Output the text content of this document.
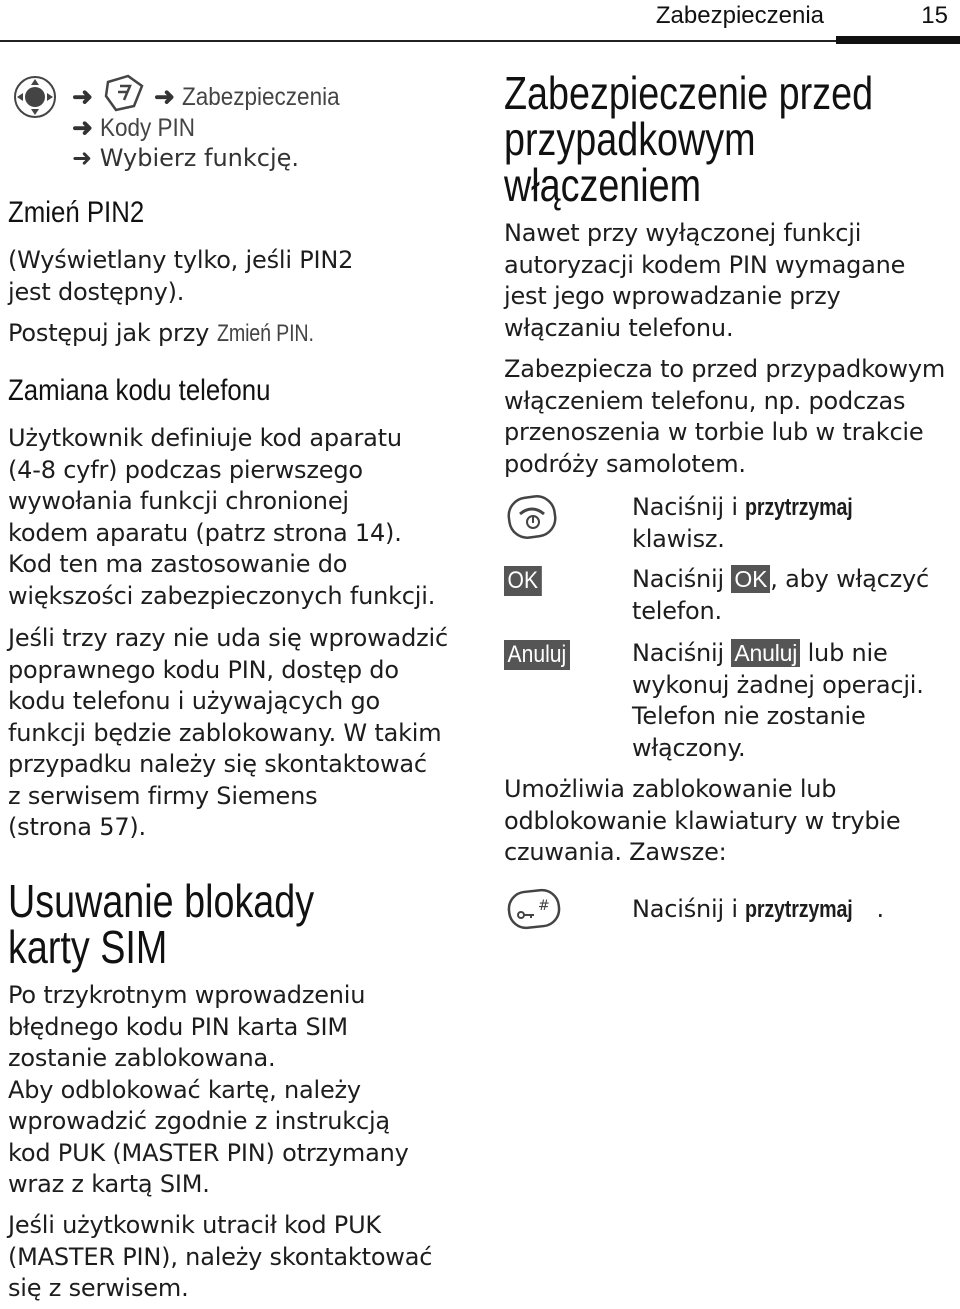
Zabezpieczenia	15
➜ ➜ Zabezpieczenia
➜ Kody PIN
➜ Wybierz funkcję.
Zmień PIN2
(Wyświetlany tylko, jeśli PIN2
jest dostępny).
Postępuj jak przy Zmień PIN.
Zamiana kodu telefonu
Użytkownik definiuje kod aparatu
(4-8 cyfr) podczas pierwszego
wywołania funkcji chronionej
kodem aparatu (patrz strona 14).
Kod ten ma zastosowanie do
większości zabezpieczonych funkcji.
Jeśli trzy razy nie uda się wprowadzić
poprawnego kodu PIN, dostęp do
kodu telefonu i używających go
funkcji będzie zablokowany. W takim
przypadku należy się skontaktować
z serwisem firmy Siemens
(strona 57).
Usuwanie blokady
karty SIM
Po trzykrotnym wprowadzeniu
błędnego kodu PIN karta SIM
zostanie zablokowana.
Aby odblokować kartę, należy
wprowadzić zgodnie z instrukcją
kod PUK (MASTER PIN) otrzymany
wraz z kartą SIM.
Jeśli użytkownik utracił kod PUK
(MASTER PIN), należy skontaktować
się z serwisem.
Zabezpieczenie przed
przypadkowym
włączeniem
Nawet przy wyłączonej funkcji
autoryzacji kodem PIN wymagane
jest jego wprowadzanie przy
włączaniu telefonu.
Zabezpiecza to przed przypadkowym
włączeniem telefonu, np. podczas
przenoszenia w torbie lub w trakcie
podróży samolotem.
Naciśnij i przytrzymaj
klawisz.
OK	Naciśnij OK , aby włączyć
telefon.
Anuluj	Naciśnij Anuluj lub nie
wykonuj żadnej operacji.
Telefon nie zostanie
włączony.
Umożliwia zablokowanie lub
odblokowanie klawiatury w trybie
czuwania. Zawsze:
#	Naciśnij i przytrzymaj .
